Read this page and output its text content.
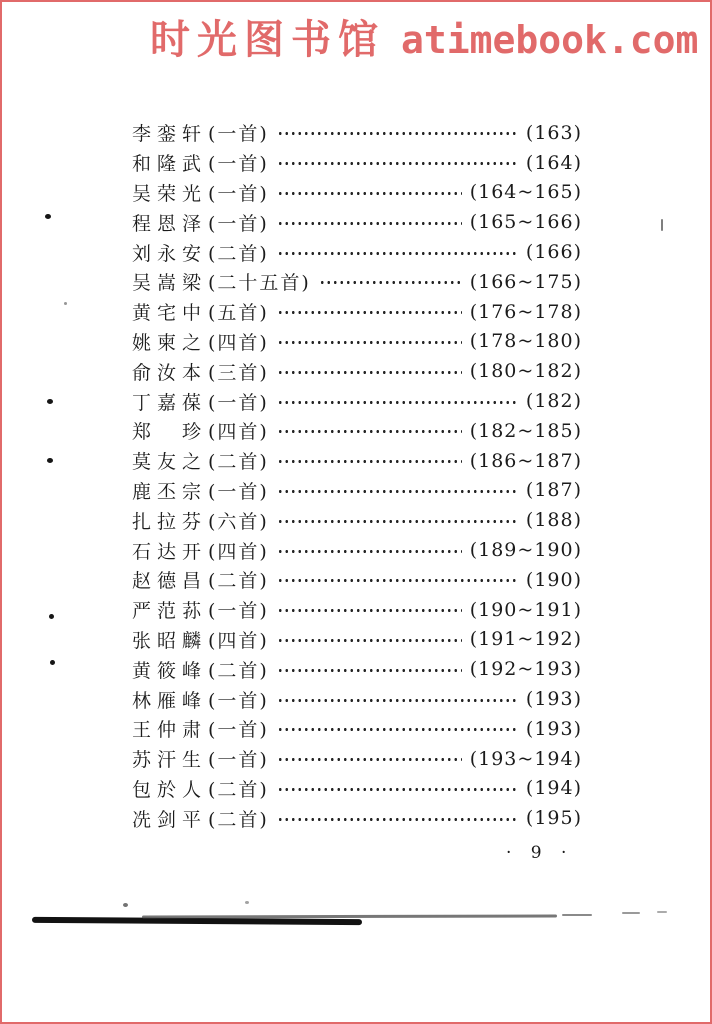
时光图书馆 atimebook.com
李銮轩 (一首)	(163)
和隆武 (一首)	(164)
吴荣光 (一首)	(164~165)
程恩泽 (一首)	(165~166)
刘永安 (二首)	(166)
吴嵩梁 (二十五首)	(166~175)
黄宅中 (五首)	(176~178)
姚柬之 (四首)	(178~180)
俞汝本 (三首)	(180~182)
丁嘉葆 (一首)	(182)
郑　珍 (四首)	(182~185)
莫友之 (二首)	(186~187)
鹿丕宗 (一首)	(187)
扎拉芬 (六首)	(188)
石达开 (四首)	(189~190)
赵德昌 (二首)	(190)
严范荪 (一首)	(190~191)
张昭麟 (四首)	(191~192)
黄筱峰 (二首)	(192~193)
林雁峰 (一首)	(193)
王仲肃 (一首)	(193)
苏汗生 (一首)	(193~194)
包於人 (二首)	(194)
冼剑平 (二首)	(195)
· 9 ·
